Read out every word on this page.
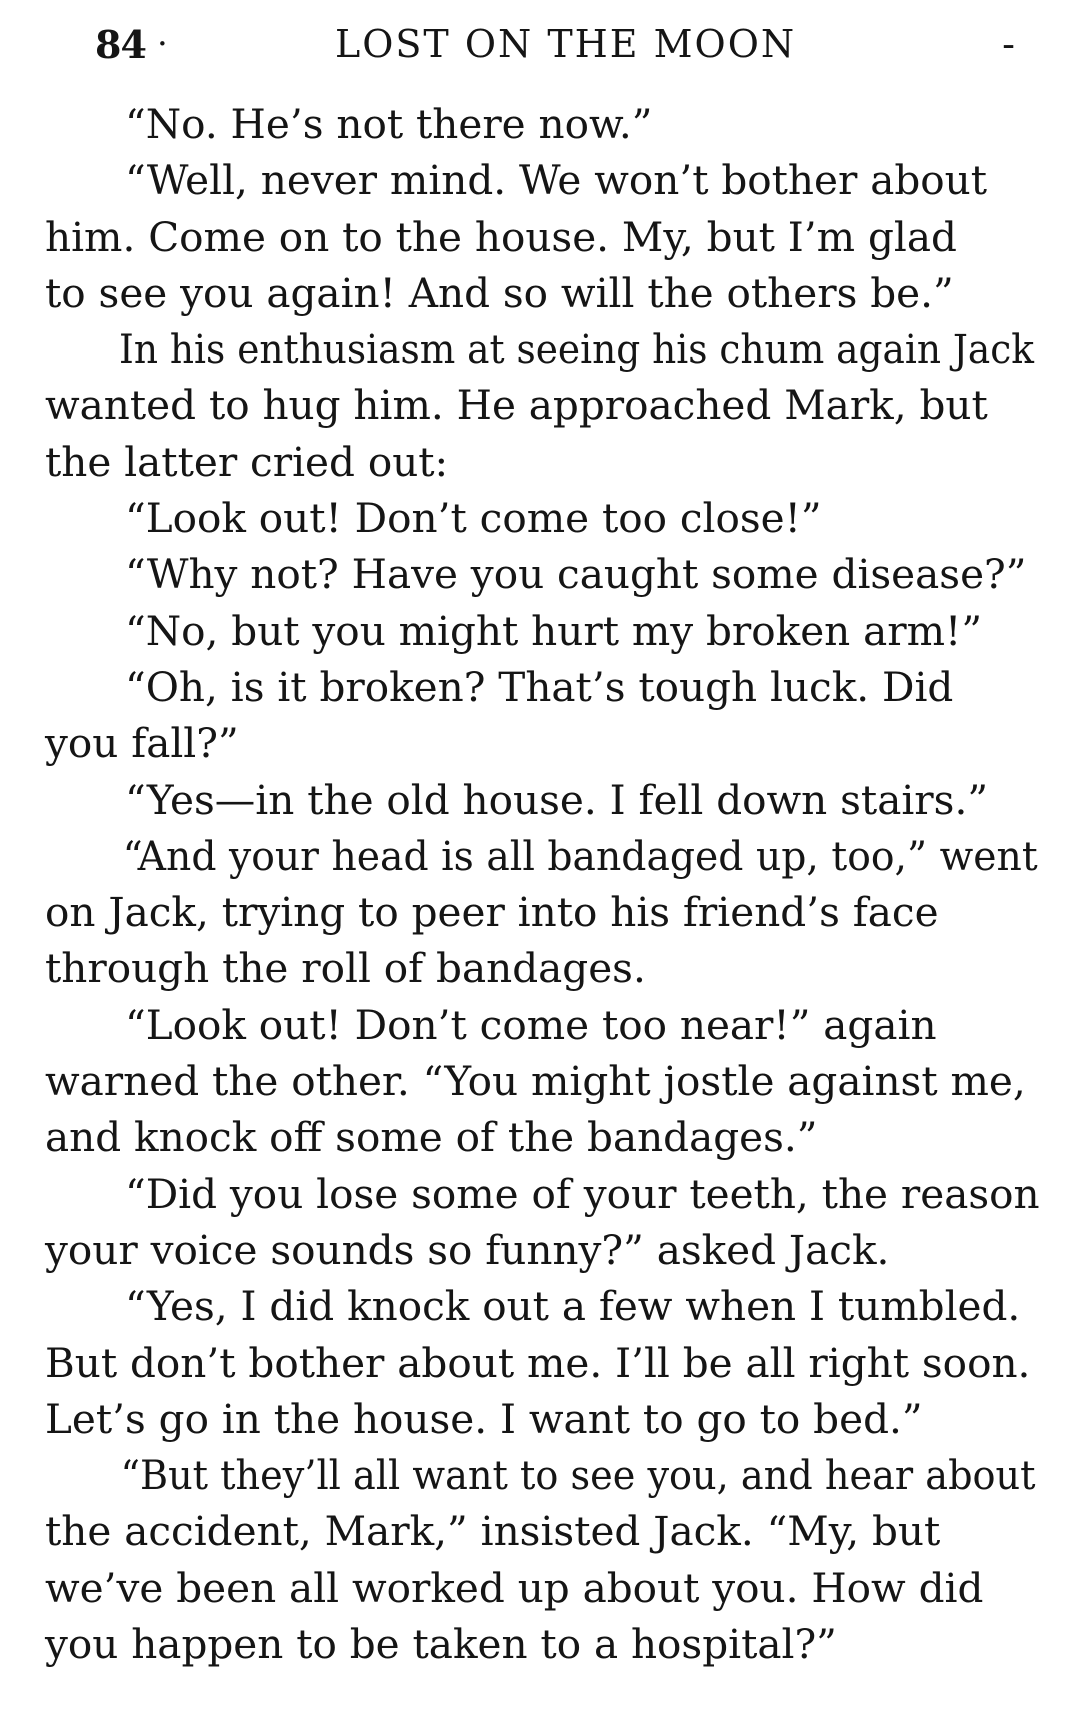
84 ·	LOST ON THE MOON	-
“No. He’s not there now.”
“Well, never mind. We won’t bother about
him. Come on to the house. My, but I’m glad
to see you again! And so will the others be.”
In his enthusiasm at seeing his chum again Jack
wanted to hug him. He approached Mark, but
the latter cried out:
“Look out! Don’t come too close!”
“Why not? Have you caught some disease?”
“No, but you might hurt my broken arm!”
“Oh, is it broken? That’s tough luck. Did
you fall?”
“Yes—in the old house. I fell down stairs.”
“And your head is all bandaged up, too,” went
on Jack, trying to peer into his friend’s face
through the roll of bandages.
“Look out! Don’t come too near!” again
warned the other. “You might jostle against me,
and knock off some of the bandages.”
“Did you lose some of your teeth, the reason
your voice sounds so funny?” asked Jack.
“Yes, I did knock out a few when I tumbled.
But don’t bother about me. I’ll be all right soon.
Let’s go in the house. I want to go to bed.”
“But they’ll all want to see you, and hear about
the accident, Mark,” insisted Jack. “My, but
we’ve been all worked up about you. How did
you happen to be taken to a hospital?”
